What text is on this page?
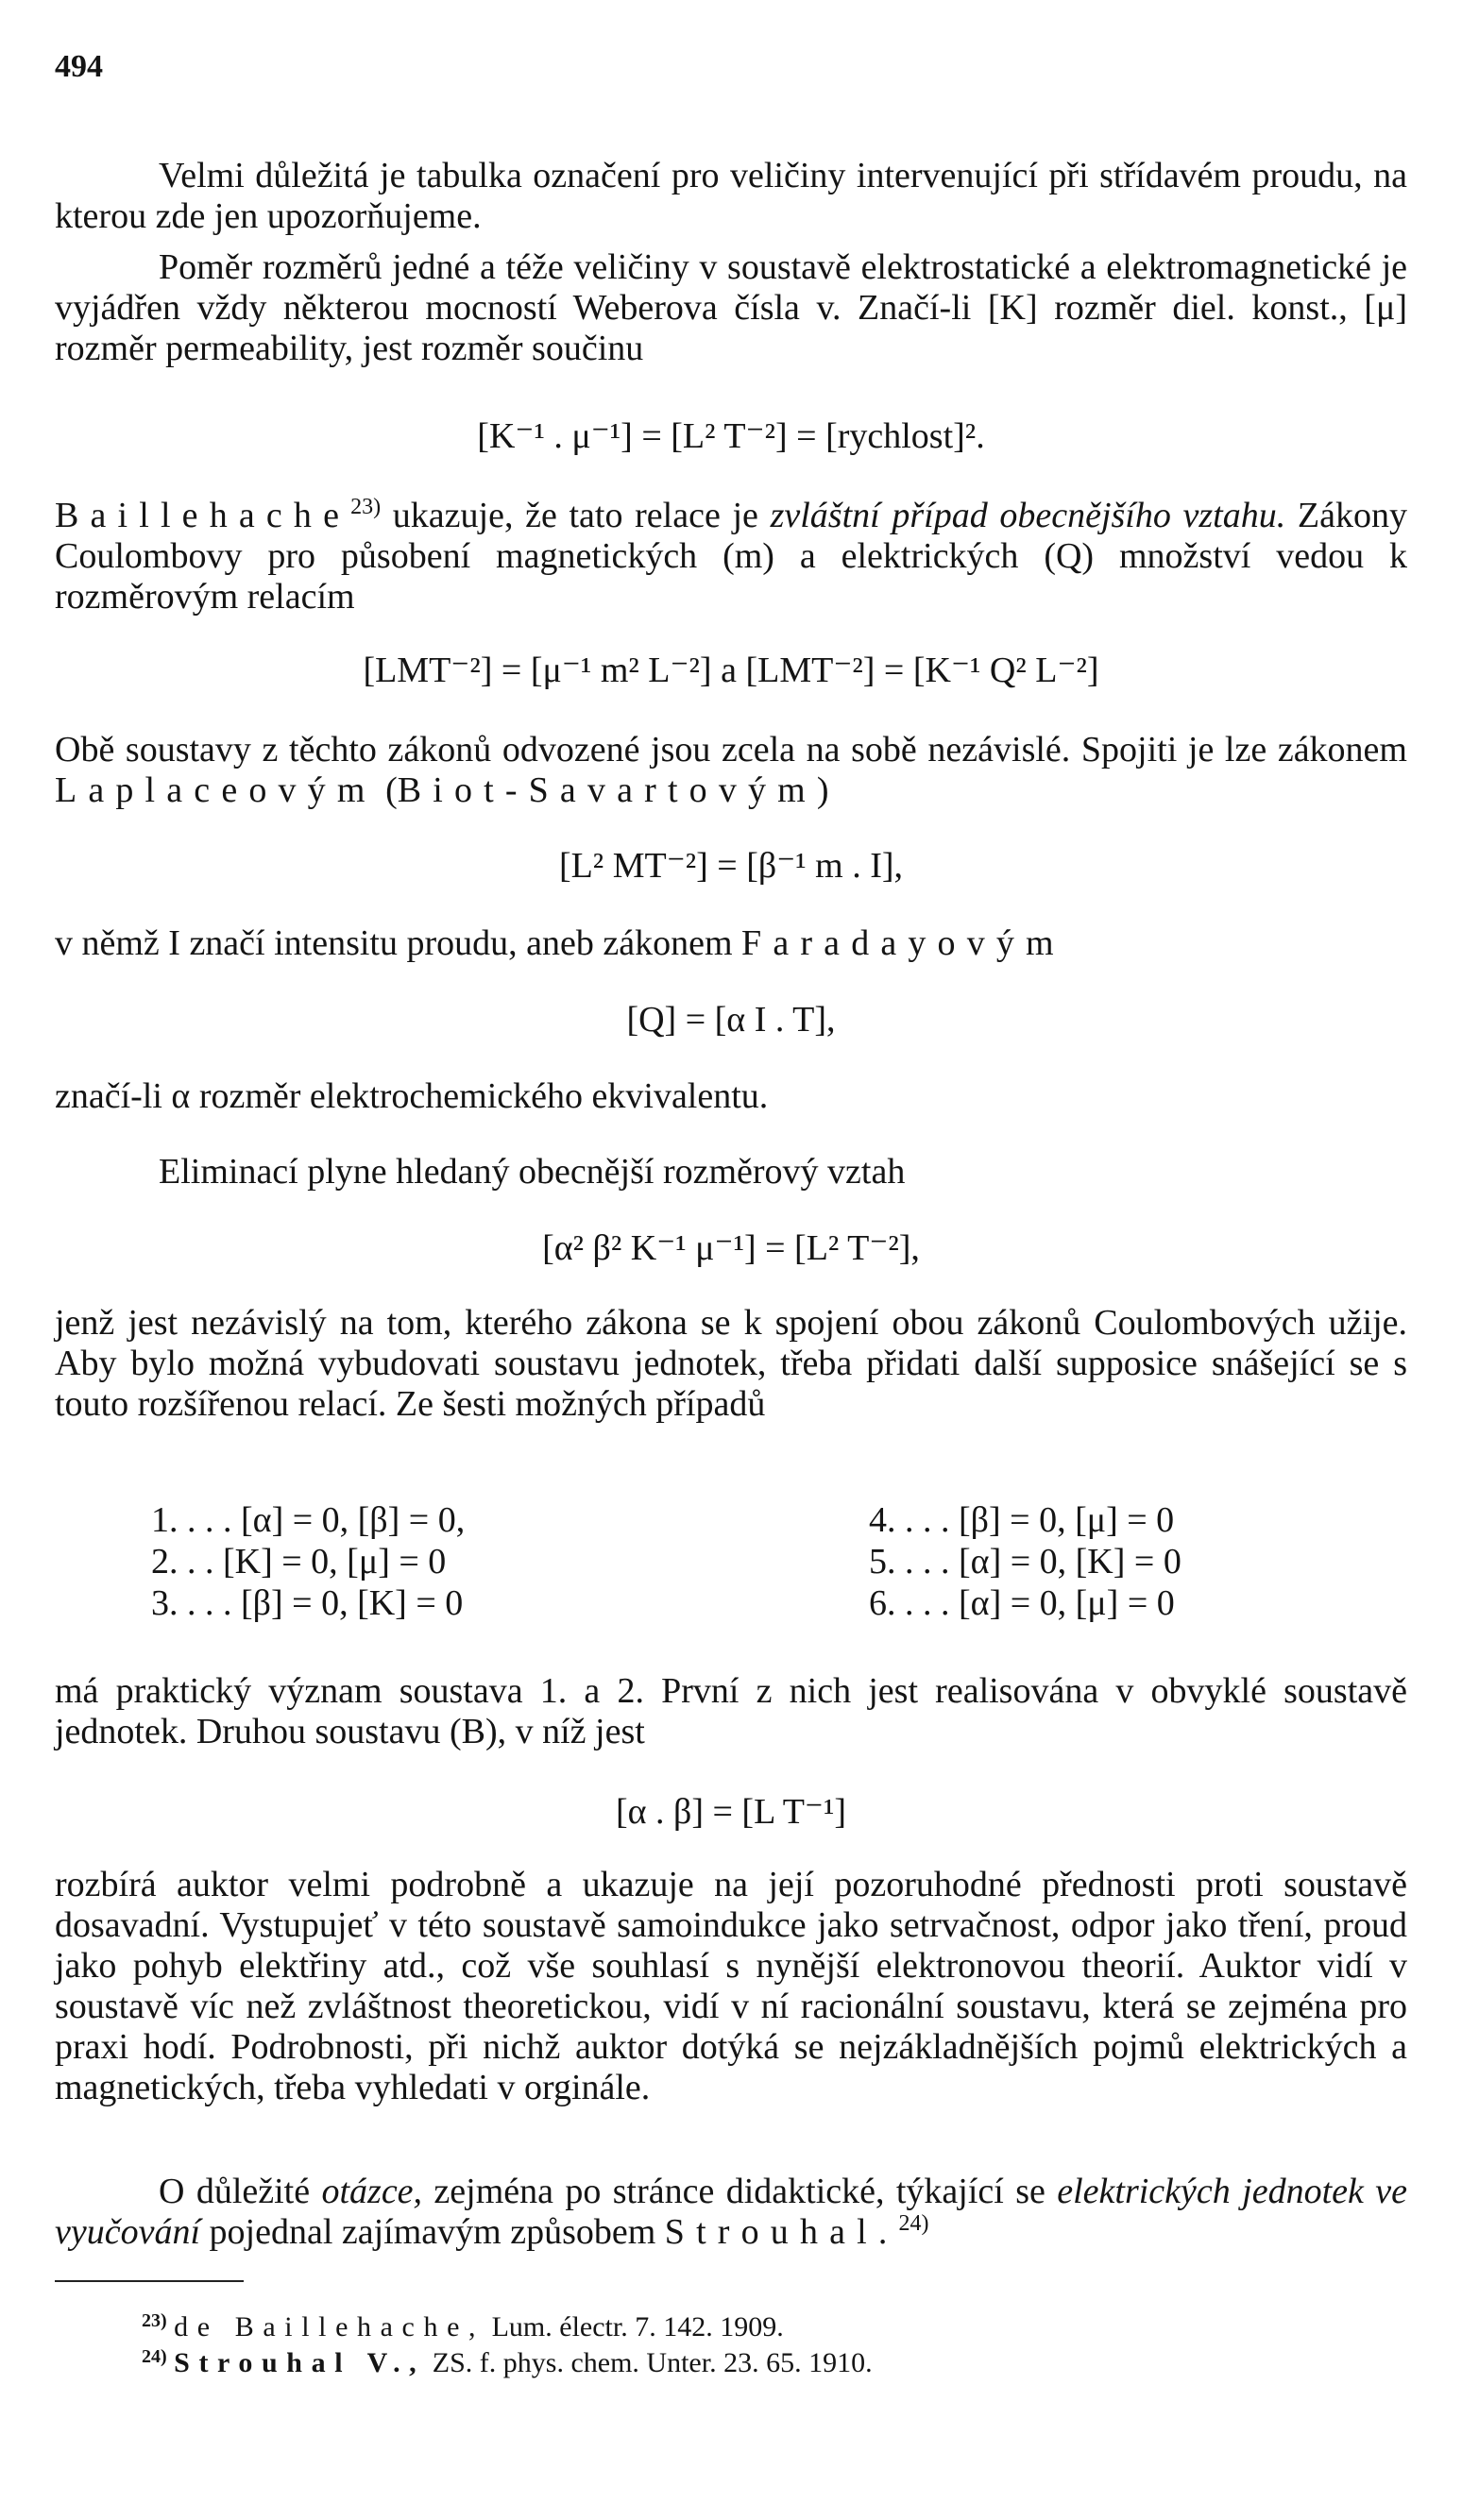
494

Velmi důležitá je tabulka označení pro veličiny intervenující při střídavém proudu, na kterou zde jen upozorňujeme.

Poměr rozměrů jedné a téže veličiny v soustavě elektrostatické a elektromagnetické je vyjádřen vždy některou mocností Weberova čísla v. Značí-li [K] rozměr diel. konst., [μ] rozměr permeability, jest rozměr součinu

[K⁻¹ . μ⁻¹] = [L² T⁻²] = [rychlost]².

Baillehache$^{23)}$ ukazuje, že tato relace je zvláštní případ obecnějšího vztahu. Zákony Coulombovy pro působení magnetických (m) a elektrických (Q) množství vedou k rozměrovým relacím

[LMT⁻²] = [μ⁻¹ m² L⁻²] a [LMT⁻²] = [K⁻¹ Q² L⁻²]

Obě soustavy z těchto zákonů odvozené jsou zcela na sobě nezávislé. Spojiti je lze zákonem Laplaceovým (Biot-Savartovým)

[L² MT⁻²] = [β⁻¹ m . I],

v němž I značí intensitu proudu, aneb zákonem Faradayovým

[Q] = [α I . T],

značí-li α rozměr elektrochemického ekvivalentu.

Eliminací plyne hledaný obecnější rozměrový vztah

[α² β² K⁻¹ μ⁻¹] = [L² T⁻²],

jenž jest nezávislý na tom, kterého zákona se k spojení obou zákonů Coulombových užije. Aby bylo možná vybudovati soustavu jednotek, třeba přidati další supposice snášející se s touto rozšířenou relací. Ze šesti možných případů

1. . . . [α] = 0, [β] = 0,
2. . . [K] = 0, [μ] = 0
3. . . . [β] = 0, [K] = 0
4. . . . [β] = 0, [μ] = 0
5. . . . [α] = 0, [K] = 0
6. . . . [α] = 0, [μ] = 0

má praktický význam soustava 1. a 2. První z nich jest realisována v obvyklé soustavě jednotek. Druhou soustavu (B), v níž jest

[α . β] = [L T⁻¹]

rozbírá auktor velmi podrobně a ukazuje na její pozoruhodné přednosti proti soustavě dosavadní. Vystupujeť v této soustavě samoindukce jako setrvačnost, odpor jako tření, proud jako pohyb elektřiny atd., což vše souhlasí s nynější elektronovou theorií. Auktor vidí v soustavě víc než zvláštnost theoretickou, vidí v ní racionální soustavu, která se zejména pro praxi hodí. Podrobnosti, při nichž auktor dotýká se nejzákladnějších pojmů elektrických a magnetických, třeba vyhledati v orginále.

O důležité otázce, zejména po stránce didaktické, týkající se elektrických jednotek ve vyučování pojednal zajímavým způsobem Strouhal.$^{24)}$

$^{23)}$ de Baillehache, Lum. électr. 7. 142. 1909.
$^{24)}$ Strouhal V., ZS. f. phys. chem. Unter. 23. 65. 1910.
